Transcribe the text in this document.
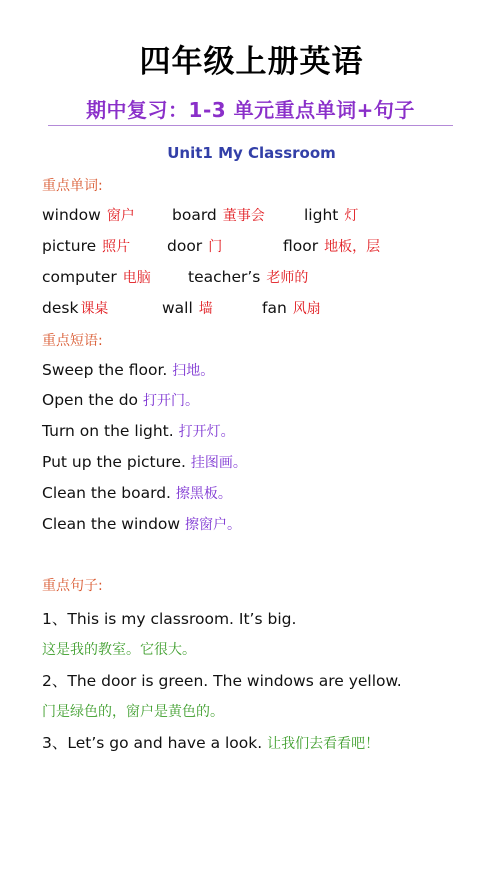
四年级上册英语
期中复习：1-3 单元重点单词+句子
Unit1 My Classroom
重点单词:
window 窗户 board 董事会	light 灯
picture 照片 door 门	floor 地板，层
computer 电脑 teacher’s 老师的
desk 课桌	wall 墙	fan 风扇
重点短语:
Sweep the floor. 扫地。
Open the do 打开门。
Turn on the light. 打开灯。
Put up the picture. 挂图画。
Clean the board. 擦黑板。
Clean the window 擦窗户。
重点句子:
1、This is my classroom. It’s big.
这是我的教室。它很大。
2、The door is green. The windows are yellow.
门是绿色的，窗户是黄色的。
3、Let’s go and have a look. 让我们去看看吧！
